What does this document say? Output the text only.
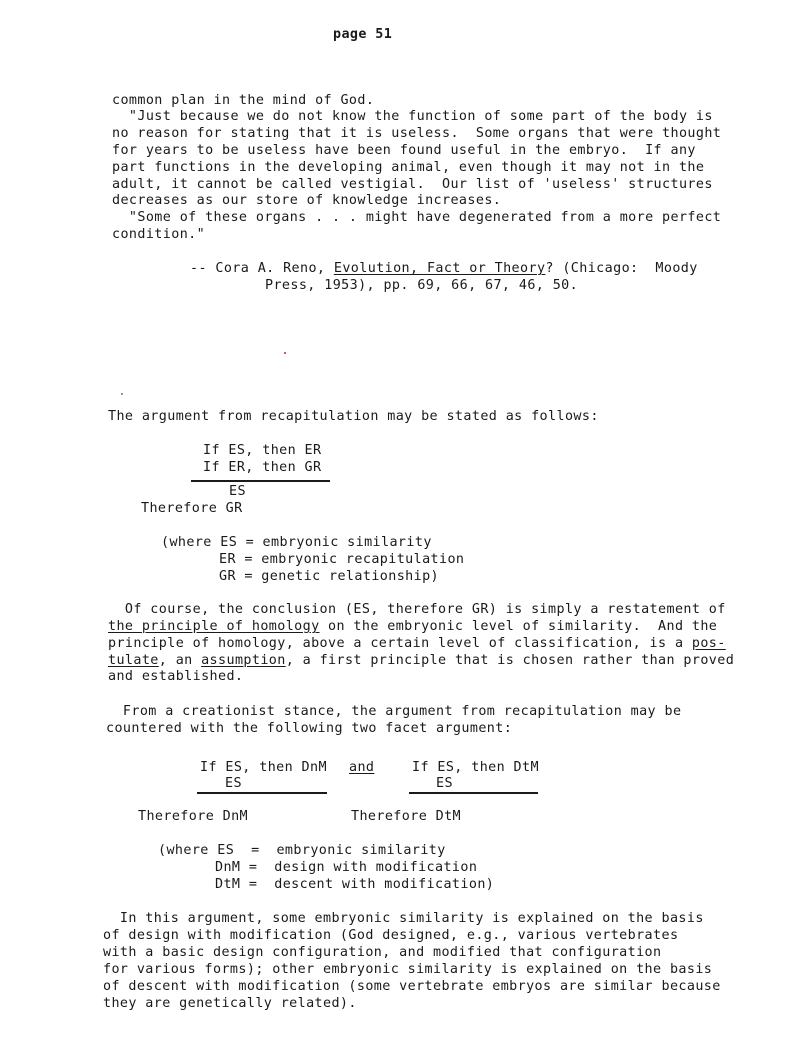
page 51
common plan in the mind of God.
"Just because we do not know the function of some part of the body is
no reason for stating that it is useless.  Some organs that were thought
for years to be useless have been found useful in the embryo.  If any
part functions in the developing animal, even though it may not in the
adult, it cannot be called vestigial.  Our list of 'useless' structures
decreases as our store of knowledge increases.
"Some of these organs . . . might have degenerated from a more perfect
condition."
-- Cora A. Reno, Evolution, Fact or Theory? (Chicago:  Moody
Press, 1953), pp. 69, 66, 67, 46, 50.
The argument from recapitulation may be stated as follows:
If ES, then ER
If ER, then GR
ES
Therefore GR
(where ES = embryonic similarity
ER = embryonic recapitulation
GR = genetic relationship)
Of course, the conclusion (ES, therefore GR) is simply a restatement of
the principle of homology on the embryonic level of similarity.  And the
principle of homology, above a certain level of classification, is a pos-
tulate, an assumption, a first principle that is chosen rather than proved
and established.
From a creationist stance, the argument from recapitulation may be
countered with the following two facet argument:
If ES, then DnM
ES
and	If ES, then DtM
ES
Therefore DnM	Therefore DtM
(where ES  =  embryonic similarity
DnM =  design with modification
DtM =  descent with modification)
In this argument, some embryonic similarity is explained on the basis
of design with modification (God designed, e.g., various vertebrates
with a basic design configuration, and modified that configuration
for various forms); other embryonic similarity is explained on the basis
of descent with modification (some vertebrate embryos are similar because
they are genetically related).
